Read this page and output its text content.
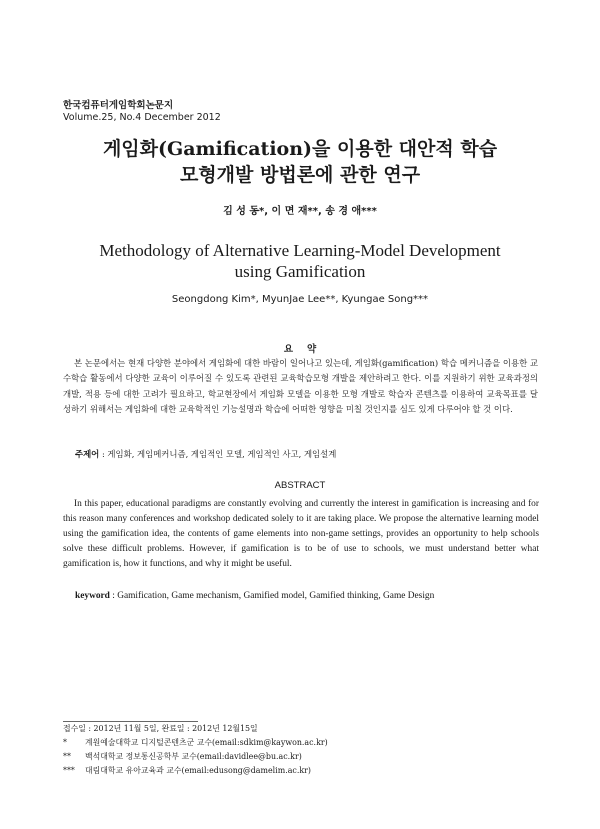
한국컴퓨터게임학회논문지
Volume.25, No.4 December 2012
게임화(Gamification)을 이용한 대안적 학습
모형개발 방법론에 관한 연구
김 성 동*, 이 면 재**, 송 경 애***
Methodology of Alternative Learning-Model Development
using Gamification
Seongdong Kim*, MyunJae Lee**, Kyungae Song***
요약

본 논문에서는 현재 다양한 분야에서 게임화에 대한 바람이 일어나고 있는데, 게임화(gamification) 학습 메커니즘을 이용한 교수학습 활동에서 다양한 교육이 이루어질 수 있도록 관련된 교육학습모형 개발을 제안하려고 한다. 이를 지원하기 위한 교육과정의 개발, 적용 등에 대한 고려가 필요하고, 학교현장에서 게임화 모델을 이용한 모형 개발로 학습자 콘텐츠를 이용하여 교육목표를 달성하기 위해서는 게임화에 대한 교육학적인 기능설명과 학습에 어떠한 영향을 미칠 것인지를 심도 있게 다루어야 할 것 이다.

주제어 : 게임화, 게임메커니즘, 게임적인 모델, 게임적인 사고, 게임설계
ABSTRACT

In this paper, educational paradigms are constantly evolving and currently the interest in gamification is increasing and for this reason many conferences and workshop dedicated solely to it are taking place. We propose the alternative learning model using the gamification idea, the contents of game elements into non-game settings, provides an opportunity to help schools solve these difficult problems. However, if gamification is to be of use to schools, we must understand better what gamification is, how it functions, and why it might be useful.

keyword : Gamification, Game mechanism, Gamified model, Gamified thinking, Game Design
접수일 : 2012년 11월 5일, 완료일 : 2012년 12월15일
* 계원예술대학교 디지털콘텐츠군 교수(email:sdkim@kaywon.ac.kr)
** 백석대학교 정보통신공학부 교수(email:davidlee@bu.ac.kr)
*** 대림대학교 유아교육과 교수(email:edusong@damelim.ac.kr)
